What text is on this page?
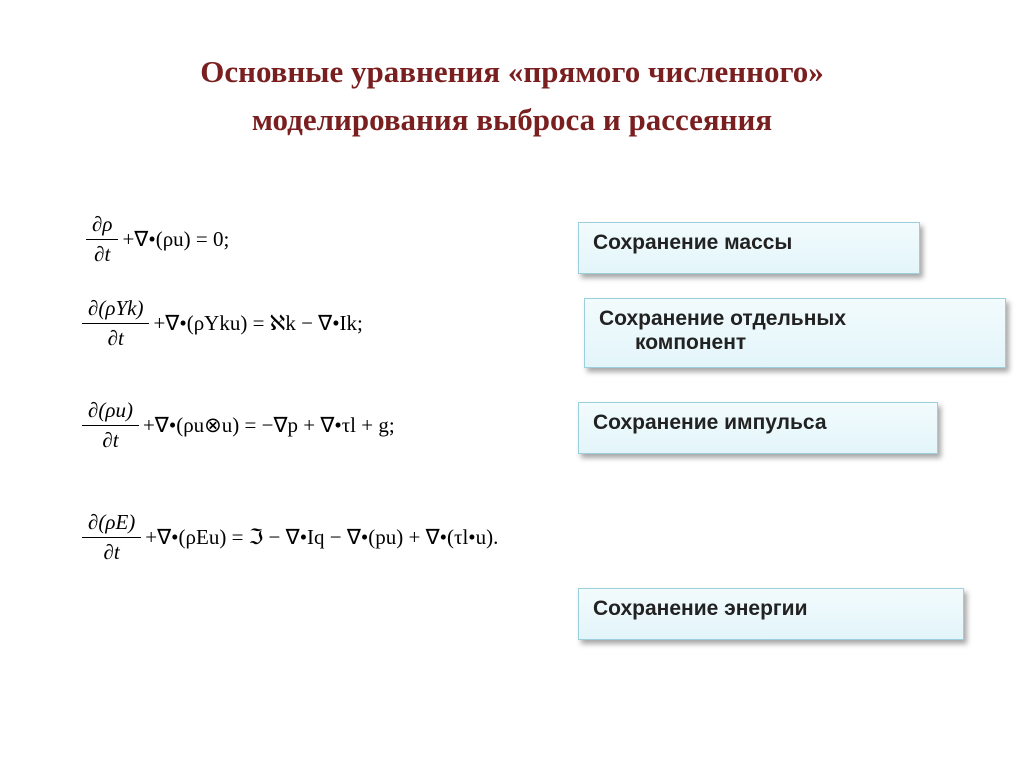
Основные уравнения «прямого численного»
моделирования выброса и рассеяния
$\frac{\partial\rho}{\partial t}$ +∇•(ρu) = 0;
$\frac{\text{∂(ρYk)}}{\partial t}$ +∇•(ρYku) = ℵk − ∇•Ik;
$\frac{\partial(\rho u)}{\partial t}$ +∇•(ρu⊗u) = −∇p + ∇•τl + g;
$\frac{\partial(\rho E)}{\partial t}$ +∇•(ρEu) = ℑ − ∇•Iq − ∇•(pu) + ∇•(τl•u).
Сохранение массы
Сохранение отдельных
компонент
Сохранение импульса
Сохранение энергии
